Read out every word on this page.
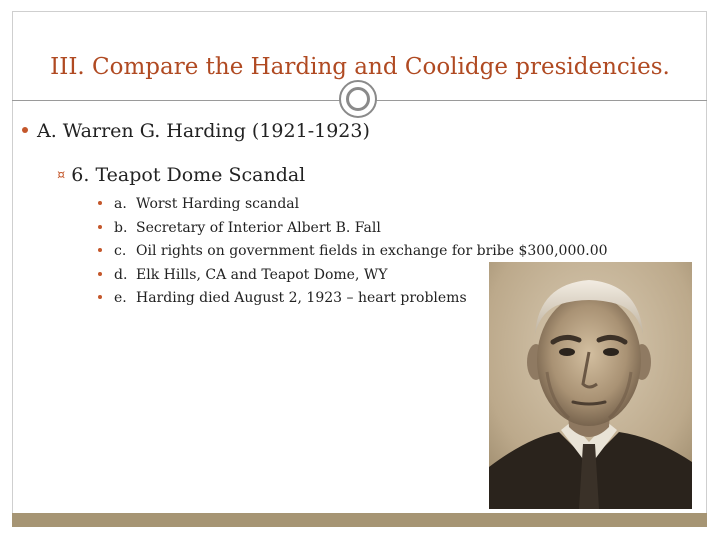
III. Compare the Harding and Coolidge presidencies.
A. Warren G. Harding (1921-1923)
¤ 6. Teapot Dome Scandal
a. Worst Harding scandal
b. Secretary of Interior Albert B. Fall
c. Oil rights on government fields in exchange for bribe $300,000.00
d. Elk Hills, CA and Teapot Dome, WY
e. Harding died August 2, 1923 – heart problems
